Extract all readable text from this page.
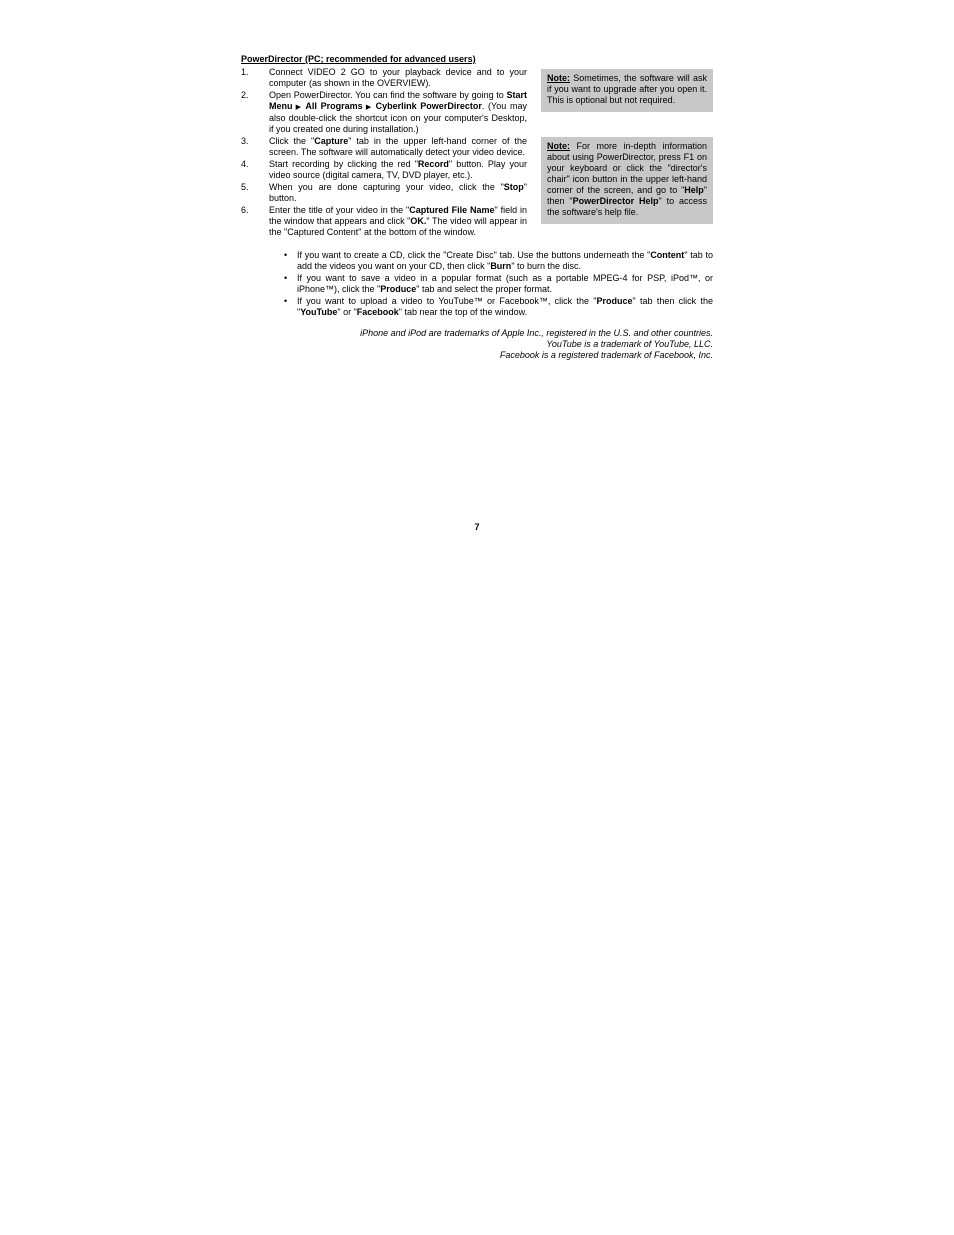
PowerDirector (PC; recommended for advanced users)
1.	Connect VIDEO 2 GO to your playback device and to your computer (as shown in the OVERVIEW).
2.	Open PowerDirector. You can find the software by going to Start Menu ▶ All Programs ▶ Cyberlink PowerDirector. (You may also double-click the shortcut icon on your computer's Desktop, if you created one during installation.)
3.	Click the "Capture" tab in the upper left-hand corner of the screen. The software will automatically detect your video device.
4.	Start recording by clicking the red "Record" button. Play your video source (digital camera, TV, DVD player, etc.).
5.	When you are done capturing your video, click the "Stop" button.
6.	Enter the title of your video in the "Captured File Name" field in the window that appears and click "OK." The video will appear in the "Captured Content" at the bottom of the window.
•	If you want to create a CD, click the "Create Disc" tab. Use the buttons underneath the "Content" tab to add the videos you want on your CD, then click "Burn" to burn the disc.
•	If you want to save a video in a popular format (such as a portable MPEG-4 for PSP, iPod™, or iPhone™), click the "Produce" tab and select the proper format.
•	If you want to upload a video to YouTube™ or Facebook™, click the "Produce" tab then click the "YouTube" or "Facebook" tab near the top of the window.
Note: Sometimes, the software will ask if you want to upgrade after you open it. This is optional but not required.
Note: For more in-depth information about using PowerDirector, press F1 on your keyboard or click the "director's chair" icon button in the upper left-hand corner of the screen, and go to "Help" then "PowerDirector Help" to access the software's help file.
iPhone and iPod are trademarks of Apple Inc., registered in the U.S. and other countries.
YouTube is a trademark of YouTube, LLC.
Facebook is a registered trademark of Facebook, Inc.
7
